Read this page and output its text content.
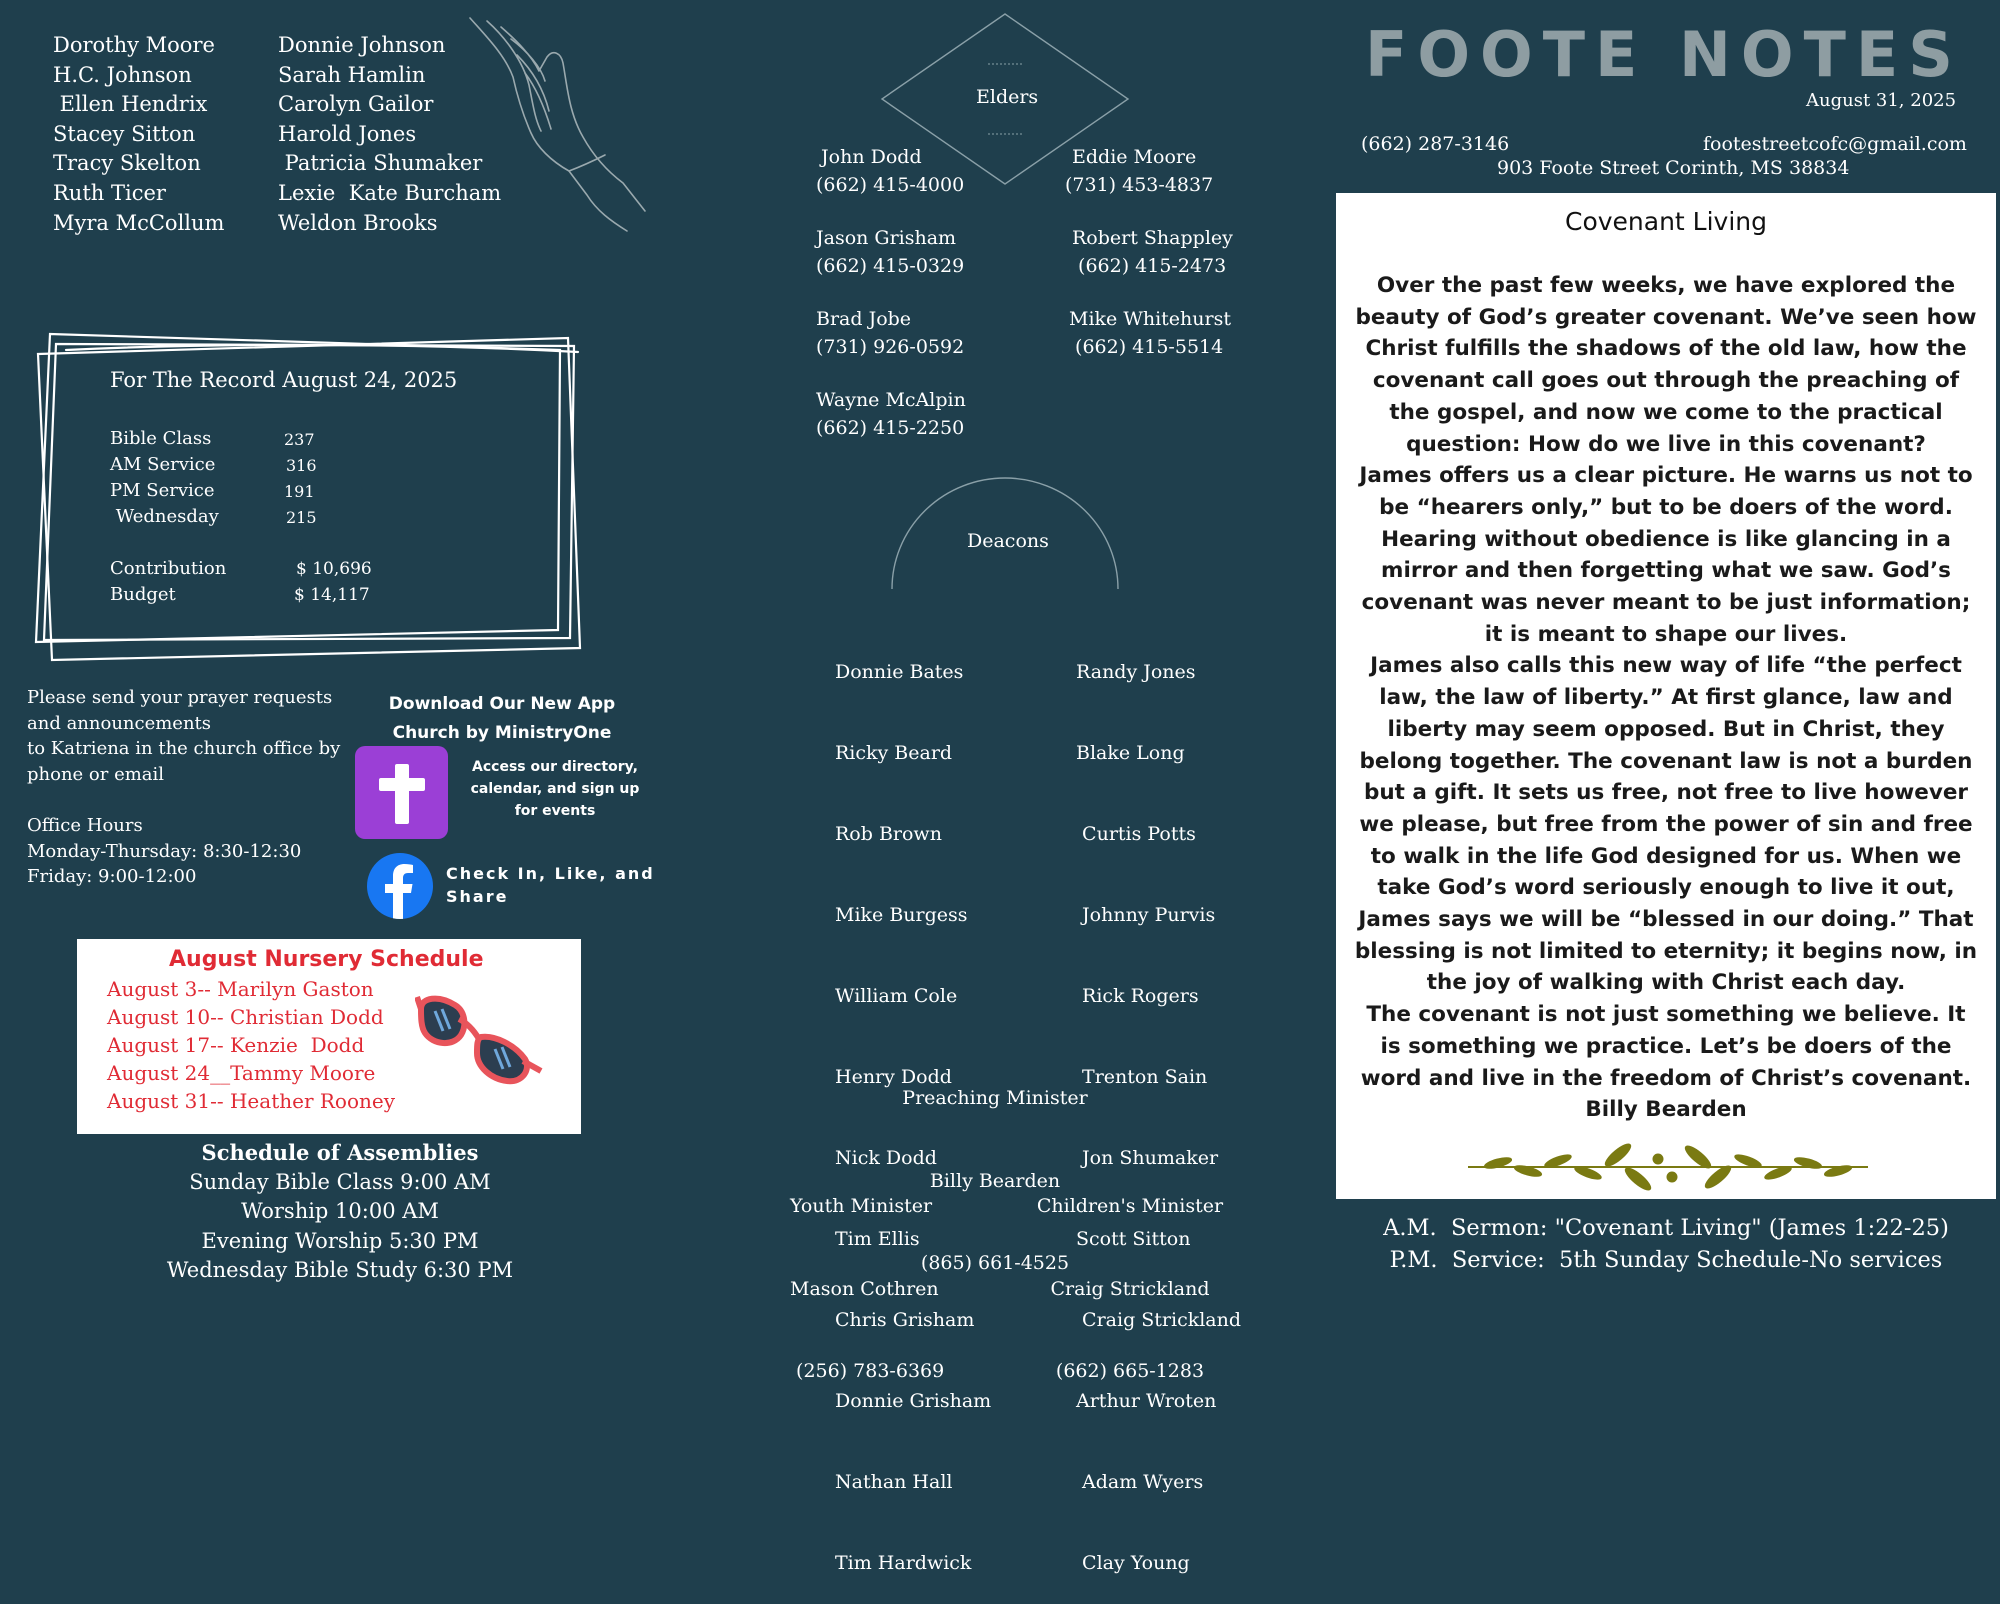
Dorothy Moore
H.C. Johnson
Ellen Hendrix
Stacey Sitton
Tracy Skelton
Ruth Ticer
Myra McCollum
Donnie Johnson
Sarah Hamlin
Carolyn Gailor
Harold Jones
Patricia Shumaker
Lexie  Kate Burcham
Weldon Brooks
For The Record August 24, 2025
Bible Class	237
AM Service	316
PM Service	191
Wednesday	215
Contribution	$ 10,696
Budget	$ 14,117
Please send your prayer requests
and announcements
to Katriena in the church office by
phone or email
Office Hours
Monday-Thursday: 8:30-12:30
Friday: 9:00-12:00
Download Our New App
Church by MinistryOne
Access our directory,
calendar, and sign up
for events
Check In, Like, and
Share
August Nursery Schedule
August 3-- Marilyn Gaston
August 10-- Christian Dodd
August 17-- Kenzie  Dodd
August 24__Tammy Moore
August 31-- Heather Rooney
Schedule of Assemblies
Sunday Bible Class 9:00 AM
Worship 10:00 AM
Evening Worship 5:30 PM
Wednesday Bible Study 6:30 PM
Elders
John Dodd
(662) 415-4000
Eddie Moore
(731) 453-4837
Jason Grisham
(662) 415-0329
Robert Shappley
(662) 415-2473
Brad Jobe
(731) 926-0592
Mike Whitehurst
(662) 415-5514
Wayne McAlpin
(662) 415-2250
Deacons

Donnie Bates

Ricky Beard

Rob Brown

Mike Burgess

William Cole

Henry Dodd

Nick Dodd

Tim Ellis

Chris Grisham

Donnie Grisham

Nathan Hall

Tim Hardwick

Randy Jones

Blake Long

Curtis Potts

Johnny Purvis

Rick Rogers

Trenton Sain

Jon Shumaker

Scott Sitton

Craig Strickland

Arthur Wroten

Adam Wyers

Clay Young

Preaching Minister

Billy Bearden

(865) 661-4525

Youth Minister

Mason Cothren

(256) 783-6369

Children's Minister

Craig Strickland

(662) 665-1283

FOOTE NOTES
August 31, 2025
(662) 287-3146	footestreetcofc@gmail.com
903 Foote Street Corinth, MS 38834
Covenant Living
Over the past few weeks, we have explored the
beauty of God’s greater covenant. We’ve seen how
Christ fulfills the shadows of the old law, how the
covenant call goes out through the preaching of
the gospel, and now we come to the practical
question: How do we live in this covenant?
James offers us a clear picture. He warns us not to
be “hearers only,” but to be doers of the word.
Hearing without obedience is like glancing in a
mirror and then forgetting what we saw. God’s
covenant was never meant to be just information;
it is meant to shape our lives.
James also calls this new way of life “the perfect
law, the law of liberty.” At first glance, law and
liberty may seem opposed. But in Christ, they
belong together. The covenant law is not a burden
but a gift. It sets us free, not free to live however
we please, but free from the power of sin and free
to walk in the life God designed for us. When we
take God’s word seriously enough to live it out,
James says we will be “blessed in our doing.” That
blessing is not limited to eternity; it begins now, in
the joy of walking with Christ each day.
The covenant is not just something we believe. It
is something we practice. Let’s be doers of the
word and live in the freedom of Christ’s covenant.
Billy Bearden
A.M.  Sermon: "Covenant Living" (James 1:22-25)
P.M.  Service:  5th Sunday Schedule-No services
